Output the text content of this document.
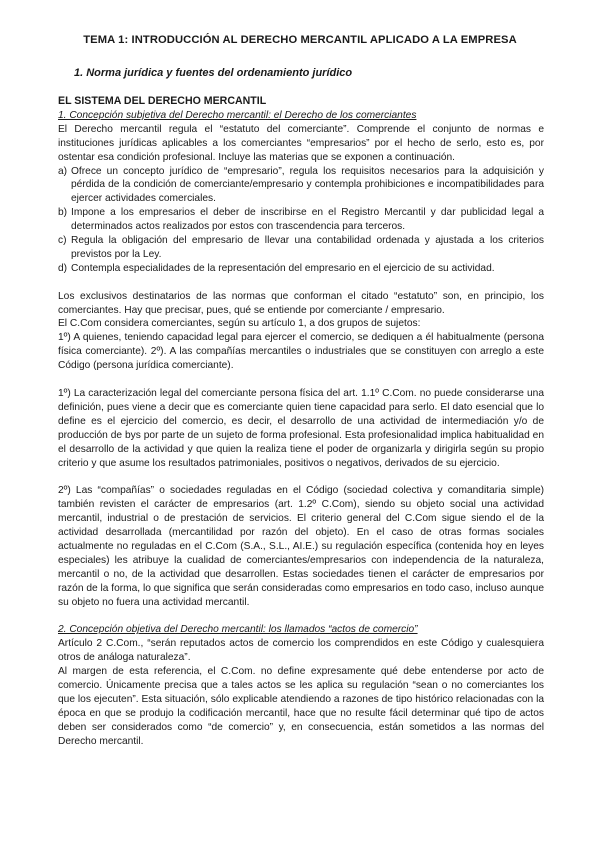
TEMA 1: INTRODUCCIÓN AL DERECHO MERCANTIL APLICADO A LA EMPRESA
1. Norma jurídica y fuentes del ordenamiento jurídico

EL SISTEMA DEL DERECHO MERCANTIL

1. Concepción subjetiva del Derecho mercantil: el Derecho de los comerciantes

El Derecho mercantil regula el “estatuto del comerciante”. Comprende el conjunto de normas e instituciones jurídicas aplicables a los comerciantes “empresarios” por el hecho de serlo, esto es, por ostentar esa condición profesional. Incluye las materias que se exponen a continuación.

a) Ofrece un concepto jurídico de “empresario”, regula los requisitos necesarios para la adquisición y pérdida de la condición de comerciante/empresario y contempla prohibiciones e incompatibilidades para ejercer actividades comerciales.
b) Impone a los empresarios el deber de inscribirse en el Registro Mercantil y dar publicidad legal a determinados actos realizados por estos con trascendencia para terceros.
c) Regula la obligación del empresario de llevar una contabilidad ordenada y ajustada a los criterios previstos por la Ley.
d) Contempla especialidades de la representación del empresario en el ejercicio de su actividad.

Los exclusivos destinatarios de las normas que conforman el citado “estatuto” son, en principio, los comerciantes. Hay que precisar, pues, qué se entiende por comerciante / empresario.

El C.Com considera comerciantes, según su artículo 1, a dos grupos de sujetos:

1º) A quienes, teniendo capacidad legal para ejercer el comercio, se dediquen a él habitualmente (persona física comerciante). 2º). A las compañías mercantiles o industriales que se constituyen con arreglo a este Código (persona jurídica comerciante).

1º) La caracterización legal del comerciante persona física del art. 1.1º C.Com. no puede considerarse una definición, pues viene a decir que es comerciante quien tiene capacidad para serlo. El dato esencial que lo define es el ejercicio del comercio, es decir, el desarrollo de una actividad de intermediación y/o de producción de bys por parte de un sujeto de forma profesional. Esta profesionalidad implica habitualidad en el desarrollo de la actividad y que quien la realiza tiene el poder de organizarla y dirigirla según su propio criterio y que asume los resultados patrimoniales, positivos o negativos, derivados de su ejercicio.

2º) Las “compañías” o sociedades reguladas en el Código (sociedad colectiva y comanditaria simple) también revisten el carácter de empresarios (art. 1.2º C.Com), siendo su objeto social una actividad mercantil, industrial o de prestación de servicios. El criterio general del C.Com sigue siendo el de la actividad desarrollada (mercantilidad por razón del objeto). En el caso de otras formas sociales actualmente no reguladas en el C.Com (S.A., S.L., AI.E.) su regulación específica (contenida hoy en leyes especiales) les atribuye la cualidad de comerciantes/empresarios con independencia de la naturaleza, mercantil o no, de la actividad que desarrollen. Estas sociedades tienen el carácter de empresarios por razón de la forma, lo que significa que serán consideradas como empresarios en todo caso, incluso aunque su objeto no fuera una actividad mercantil.

2. Concepción objetiva del Derecho mercantil: los llamados “actos de comercio”

Artículo 2 C.Com., “serán reputados actos de comercio los comprendidos en este Código y cualesquiera otros de análoga naturaleza”.

Al margen de esta referencia, el C.Com. no define expresamente qué debe entenderse por acto de comercio. Únicamente precisa que a tales actos se les aplica su regulación “sean o no comerciantes los que los ejecuten”. Esta situación, sólo explicable atendiendo a razones de tipo histórico relacionadas con la época en que se produjo la codificación mercantil, hace que no resulte fácil determinar qué tipo de actos deben ser considerados como “de comercio” y, en consecuencia, están sometidos a las normas del Derecho mercantil.
